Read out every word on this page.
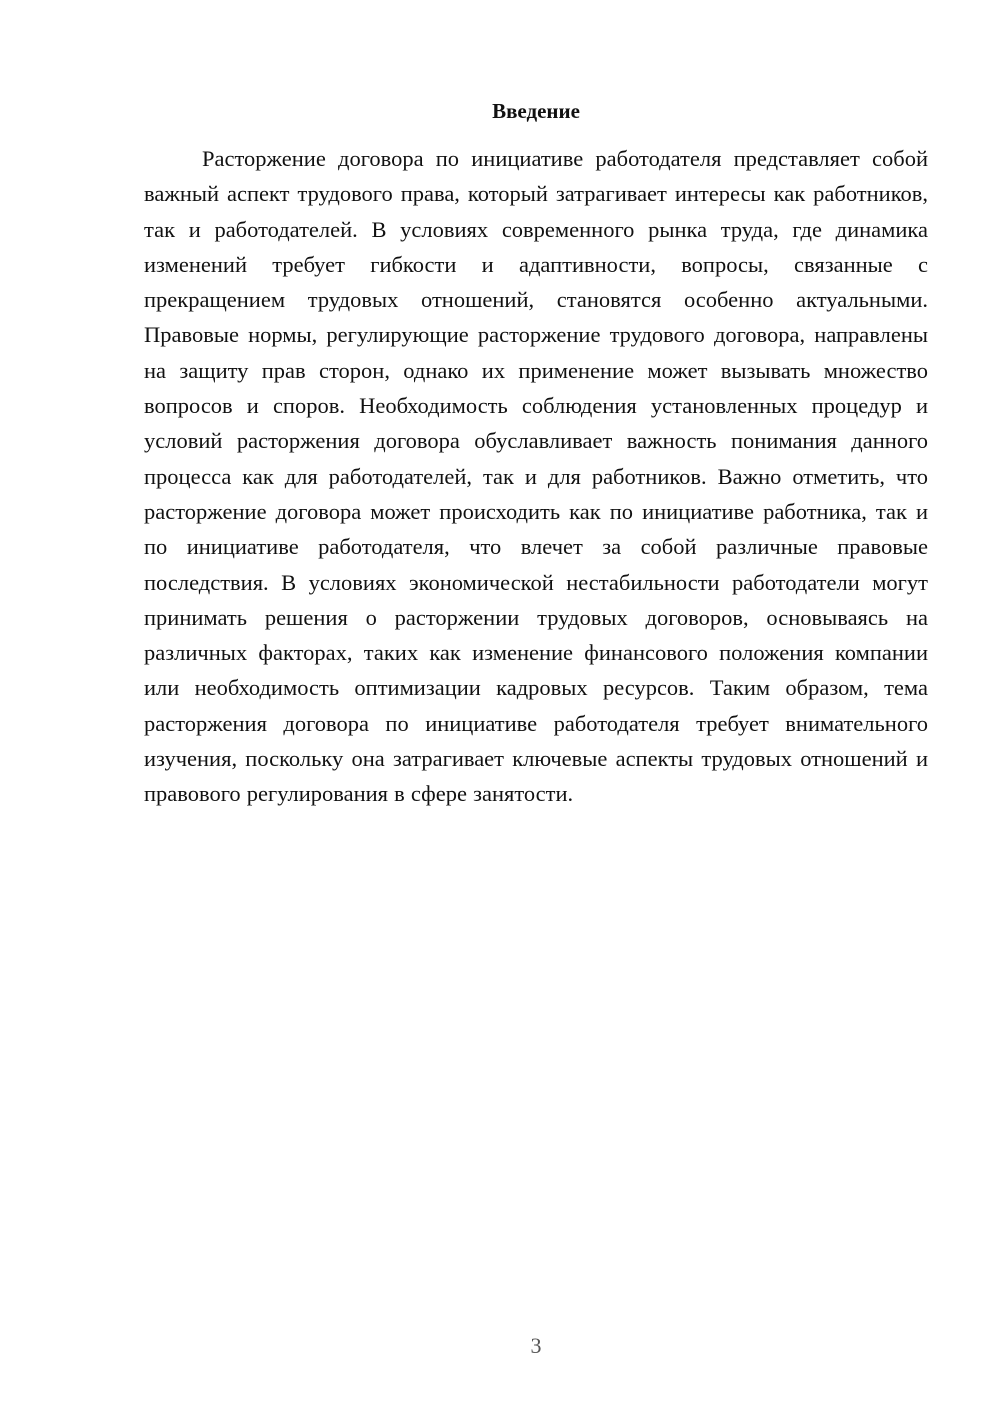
Введение

Расторжение договора по инициативе работодателя представляет собой важный аспект трудового права, который затрагивает интересы как работников, так и работодателей. В условиях современного рынка труда, где динамика изменений требует гибкости и адаптивности, вопросы, связанные с прекращением трудовых отношений, становятся особенно актуальными. Правовые нормы, регулирующие расторжение трудового договора, направлены на защиту прав сторон, однако их применение может вызывать множество вопросов и споров. Необходимость соблюдения установленных процедур и условий расторжения договора обуславливает важность понимания данного процесса как для работодателей, так и для работников. Важно отметить, что расторжение договора может происходить как по инициативе работника, так и по инициативе работодателя, что влечет за собой различные правовые последствия. В условиях экономической нестабильности работодатели могут принимать решения о расторжении трудовых договоров, основываясь на различных факторах, таких как изменение финансового положения компании или необходимость оптимизации кадровых ресурсов. Таким образом, тема расторжения договора по инициативе работодателя требует внимательного изучения, поскольку она затрагивает ключевые аспекты трудовых отношений и правового регулирования в сфере занятости.

3
